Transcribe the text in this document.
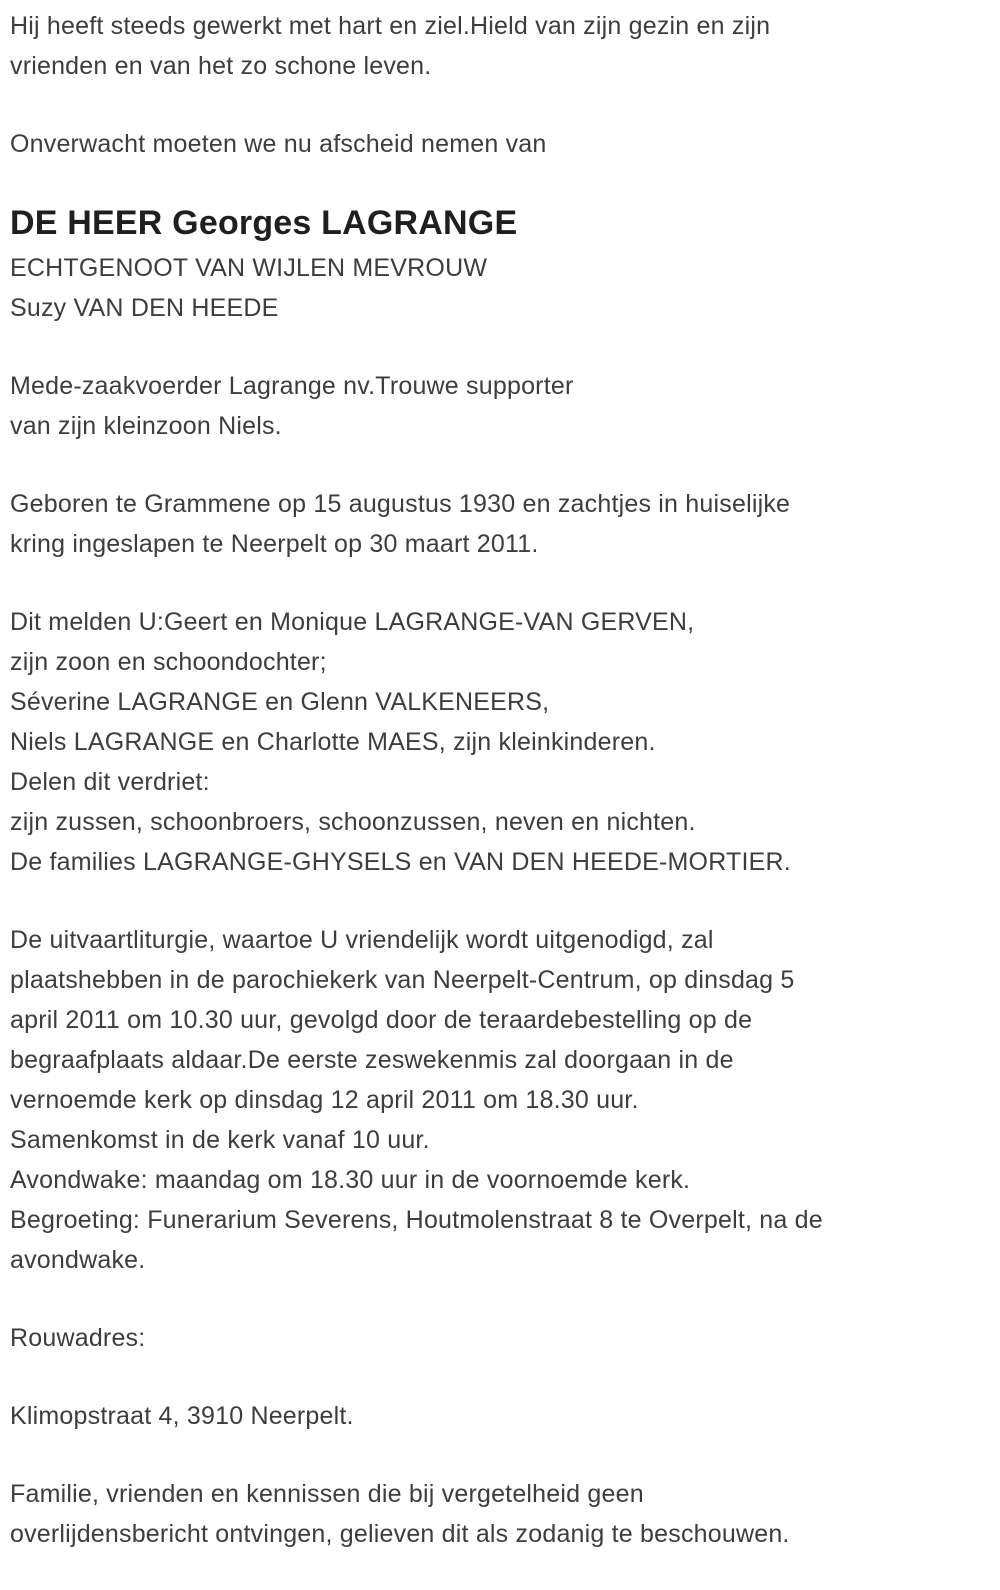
Hij heeft steeds gewerkt met hart en ziel.Hield van zijn gezin en zijn
vrienden en van het zo schone leven.
Onverwacht moeten we nu afscheid nemen van
DE HEER Georges LAGRANGE
ECHTGENOOT VAN WIJLEN MEVROUW
Suzy VAN DEN HEEDE
Mede-zaakvoerder Lagrange nv.Trouwe supporter
van zijn kleinzoon Niels.
Geboren te Grammene op 15 augustus 1930 en zachtjes in huiselijke
kring ingeslapen te Neerpelt op 30 maart 2011.
Dit melden U:Geert en Monique LAGRANGE-VAN GERVEN,
zijn zoon en schoondochter;
Séverine LAGRANGE en Glenn VALKENEERS,
Niels LAGRANGE en Charlotte MAES, zijn kleinkinderen.
Delen dit verdriet:
zijn zussen, schoonbroers, schoonzussen, neven en nichten.
De families LAGRANGE-GHYSELS en VAN DEN HEEDE-MORTIER.
De uitvaartliturgie, waartoe U vriendelijk wordt uitgenodigd, zal
plaatshebben in de parochiekerk van Neerpelt-Centrum, op dinsdag 5
april 2011 om 10.30 uur, gevolgd door de teraardebestelling op de
begraafplaats aldaar.De eerste zeswekenmis zal doorgaan in de
vernoemde kerk op dinsdag 12 april 2011 om 18.30 uur.
Samenkomst in de kerk vanaf 10 uur.
Avondwake: maandag om 18.30 uur in de voornoemde kerk.
Begroeting: Funerarium Severens, Houtmolenstraat 8 te Overpelt, na de
avondwake.
Rouwadres:
Klimopstraat 4, 3910 Neerpelt.
Familie, vrienden en kennissen die bij vergetelheid geen
overlijdensbericht ontvingen, gelieven dit als zodanig te beschouwen.
